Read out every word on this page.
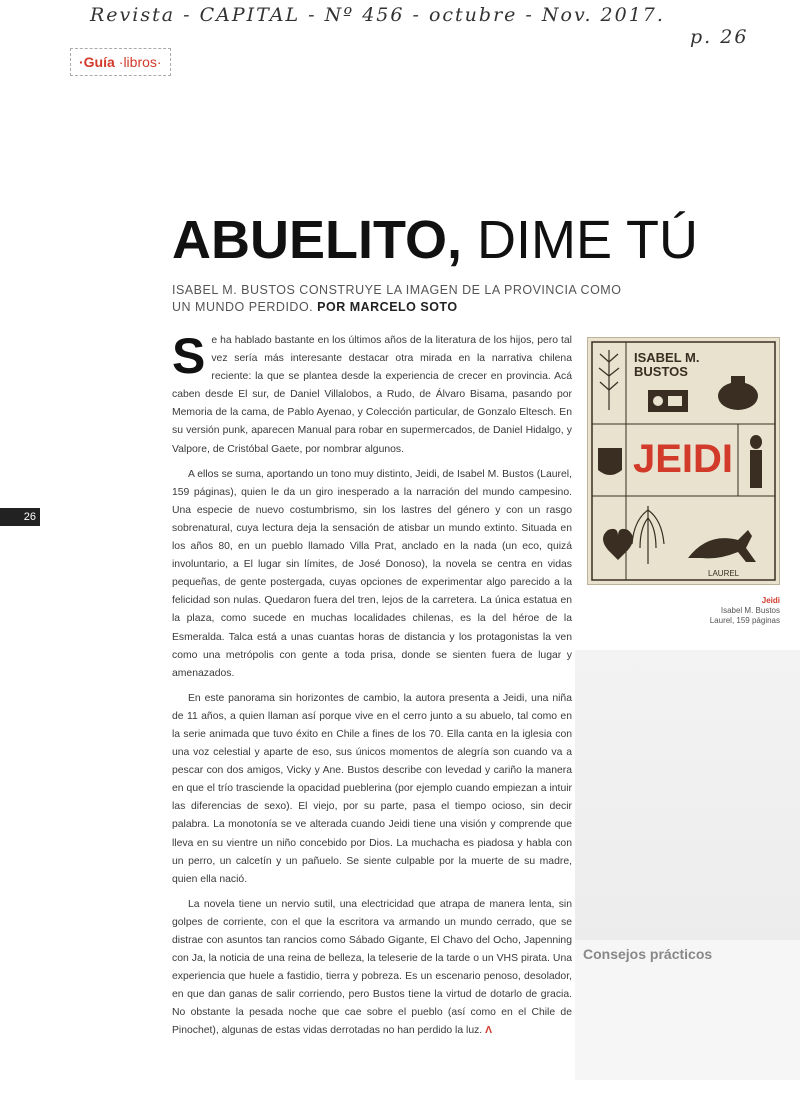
Revista - CAPITAL - Nº 456 - octubre - Nov. 2017.
p. 26
·Guía ·libros·
26
ABUELITO, DIME TÚ
ISABEL M. BUSTOS CONSTRUYE LA IMAGEN DE LA PROVINCIA COMO UN MUNDO PERDIDO. POR MARCELO SOTO

Se ha hablado bastante en los últimos años de la literatura de los hijos, pero tal vez sería más interesante destacar otra mirada en la narrativa chilena reciente: la que se plantea desde la experiencia de crecer en provincia. Acá caben desde El sur, de Daniel Villalobos, a Rudo, de Álvaro Bisama, pasando por Memoria de la cama, de Pablo Ayenao, y Colección particular, de Gonzalo Eltesch. En su versión punk, aparecen Manual para robar en supermercados, de Daniel Hidalgo, y Valpore, de Cristóbal Gaete, por nombrar algunos.

A ellos se suma, aportando un tono muy distinto, Jeidi, de Isabel M. Bustos (Laurel, 159 páginas), quien le da un giro inesperado a la narración del mundo campesino. Una especie de nuevo costumbrismo, sin los lastres del género y con un rasgo sobrenatural, cuya lectura deja la sensación de atisbar un mundo extinto. Situada en los años 80, en un pueblo llamado Villa Prat, anclado en la nada (un eco, quizá involuntario, a El lugar sin límites, de José Donoso), la novela se centra en vidas pequeñas, de gente postergada, cuyas opciones de experimentar algo parecido a la felicidad son nulas. Quedaron fuera del tren, lejos de la carretera. La única estatua en la plaza, como sucede en muchas localidades chilenas, es la del héroe de la Esmeralda. Talca está a unas cuantas horas de distancia y los protagonistas la ven como una metrópolis con gente a toda prisa, donde se sienten fuera de lugar y amenazados.

En este panorama sin horizontes de cambio, la autora presenta a Jeidi, una niña de 11 años, a quien llaman así porque vive en el cerro junto a su abuelo, tal como en la serie animada que tuvo éxito en Chile a fines de los 70. Ella canta en la iglesia con una voz celestial y aparte de eso, sus únicos momentos de alegría son cuando va a pescar con dos amigos, Vicky y Ane. Bustos describe con levedad y cariño la manera en que el trío trasciende la opacidad pueblerina (por ejemplo cuando empiezan a intuir las diferencias de sexo). El viejo, por su parte, pasa el tiempo ocioso, sin decir palabra. La monotonía se ve alterada cuando Jeidi tiene una visión y comprende que lleva en su vientre un niño concebido por Dios. La muchacha es piadosa y habla con un perro, un calcetín y un pañuelo. Se siente culpable por la muerte de su madre, quien ella nació.

La novela tiene un nervio sutil, una electricidad que atrapa de manera lenta, sin golpes de corriente, con el que la escritora va armando un mundo cerrado, que se distrae con asuntos tan rancios como Sábado Gigante, El Chavo del Ocho, Japenning con Ja, la noticia de una reina de belleza, la teleserie de la tarde o un VHS pirata. Una experiencia que huele a fastidio, tierra y pobreza. Es un escenario penoso, desolador, en que dan ganas de salir corriendo, pero Bustos tiene la virtud de dotarlo de gracia. No obstante la pesada noche que cae sobre el pueblo (así como en el Chile de Pinochet), algunas de estas vidas derrotadas no han perdido la luz. Λ

ISABEL M.
BUSTOS
JEIDI
LAUREL
Jeidi
Isabel M. Bustos
Laurel, 159 páginas
Consejos prácticos
